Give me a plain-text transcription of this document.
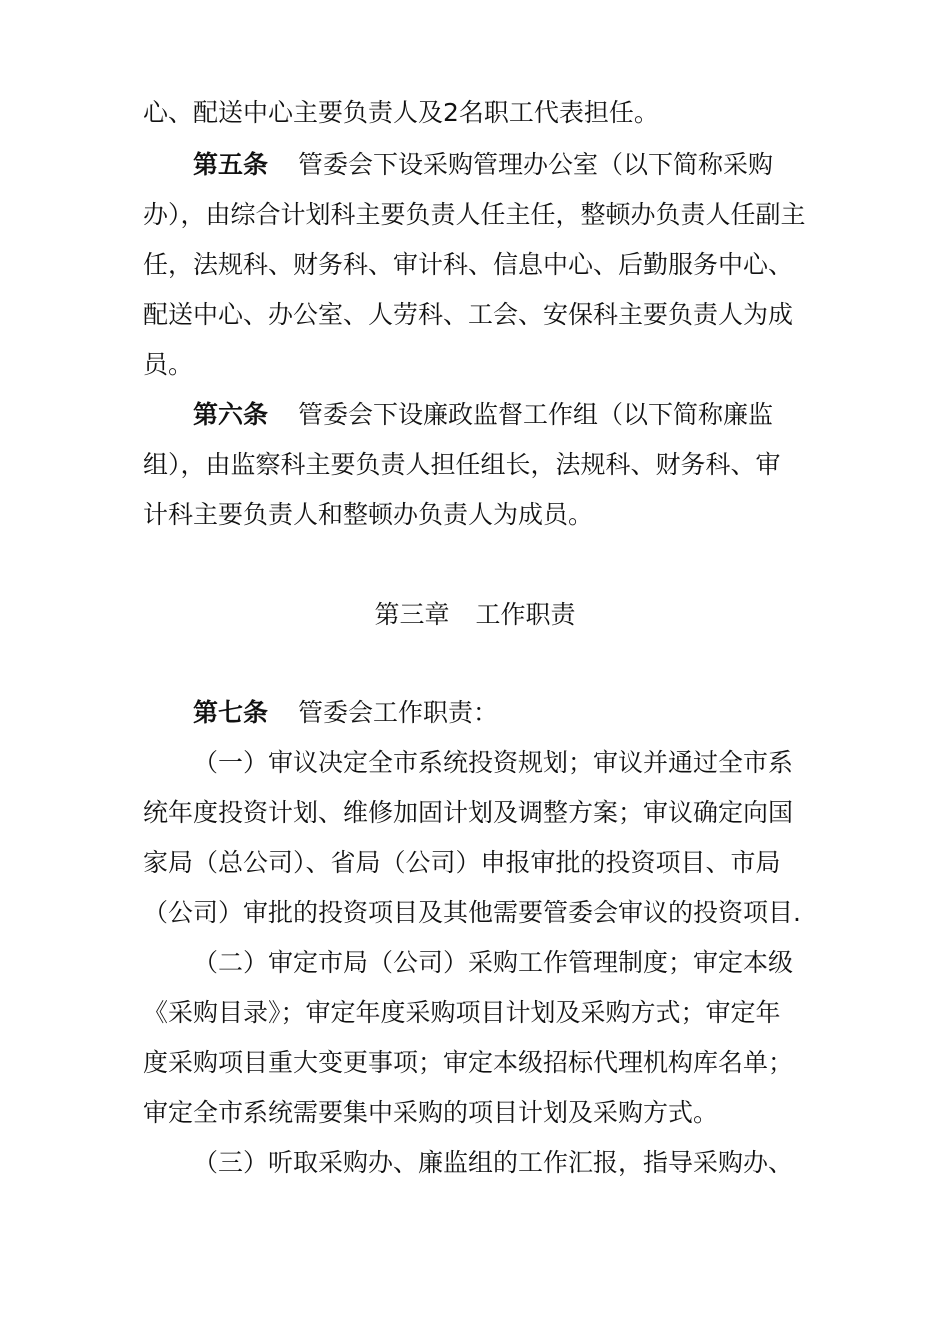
心、配送中心主要负责人及2名职工代表担任。
第五条 管委会下设采购管理办公室（以下简称采购
办），由综合计划科主要负责人任主任，整顿办负责人任副主
任，法规科、财务科、审计科、信息中心、后勤服务中心、
配送中心、办公室、人劳科、工会、安保科主要负责人为成
员。
第六条 管委会下设廉政监督工作组（以下简称廉监
组），由监察科主要负责人担任组长，法规科、财务科、审
计科主要负责人和整顿办负责人为成员。
第三章 工作职责
第七条 管委会工作职责：
（一）审议决定全市系统投资规划；审议并通过全市系
统年度投资计划、维修加固计划及调整方案；审议确定向国
家局（总公司）、省局（公司）申报审批的投资项目、市局
（公司）审批的投资项目及其他需要管委会审议的投资项目.
（二）审定市局（公司）采购工作管理制度；审定本级
《采购目录》；审定年度采购项目计划及采购方式；审定年
度采购项目重大变更事项；审定本级招标代理机构库名单；
审定全市系统需要集中采购的项目计划及采购方式。
（三）听取采购办、廉监组的工作汇报，指导采购办、
